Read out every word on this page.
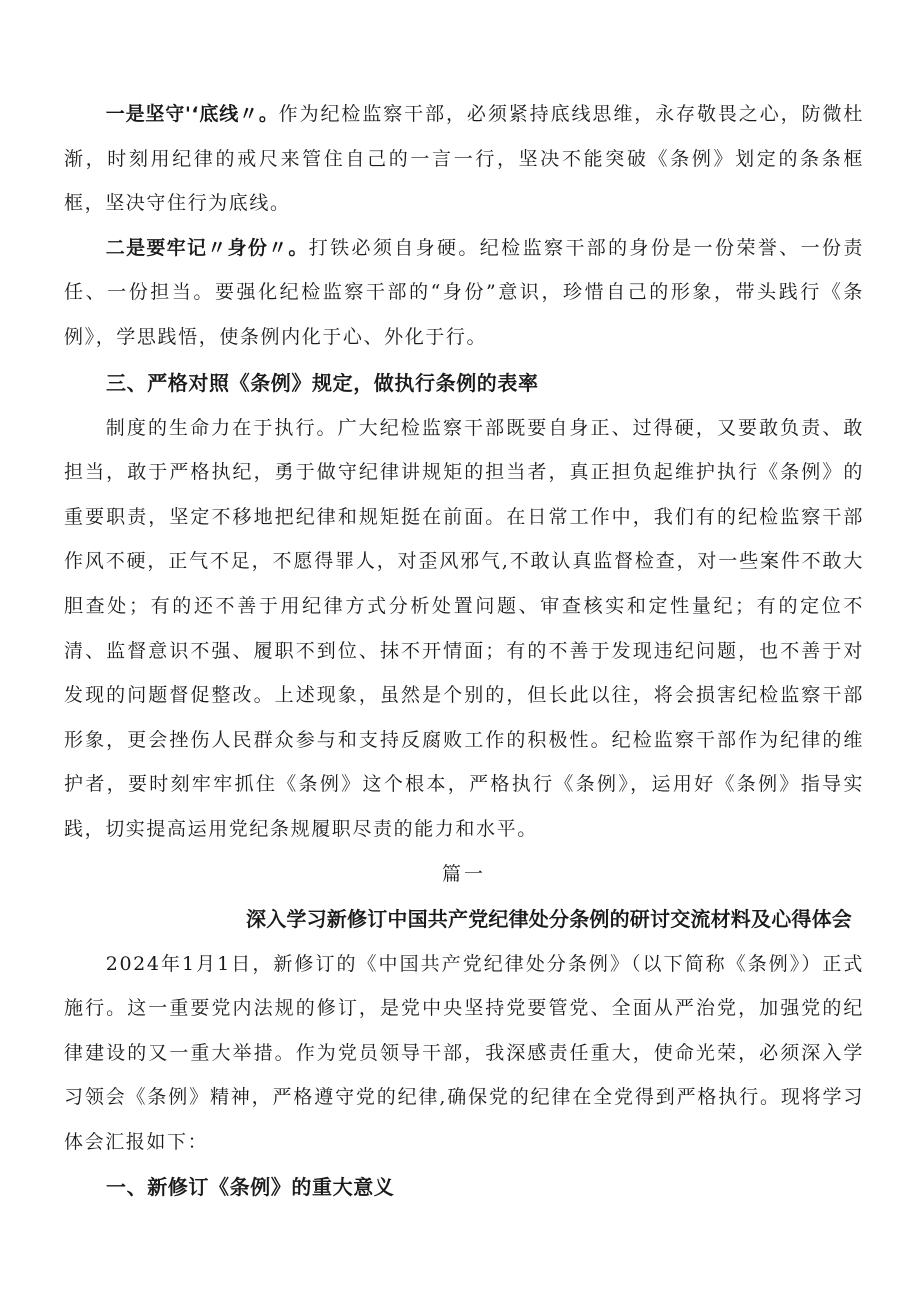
一是坚守'‘底线〃。作为纪检监察干部，必须紧持底线思维，永存敬畏之心，防微杜渐，时刻用纪律的戒尺来管住自己的一言一行，坚决不能突破《条例》划定的条条框框，坚决守住行为底线。

二是要牢记〃身份〃。打铁必须自身硬。纪检监察干部的身份是一份荣誉、一份责任、一份担当。要强化纪检监察干部的“身份”意识，珍惜自己的形象，带头践行《条例》，学思践悟，使条例内化于心、外化于行。

三、严格对照《条例》规定，做执行条例的表率

制度的生命力在于执行。广大纪检监察干部既要自身正、过得硬，又要敢负责、敢担当，敢于严格执纪，勇于做守纪律讲规矩的担当者，真正担负起维护执行《条例》的重要职责，坚定不移地把纪律和规矩挺在前面。在日常工作中，我们有的纪检监察干部作风不硬，正气不足，不愿得罪人，对歪风邪气,不敢认真监督检查，对一些案件不敢大胆查处；有的还不善于用纪律方式分析处置问题、审查核实和定性量纪；有的定位不清、监督意识不强、履职不到位、抹不开情面；有的不善于发现违纪问题，也不善于对发现的问题督促整改。上述现象，虽然是个别的，但长此以往，将会损害纪检监察干部形象，更会挫伤人民群众参与和支持反腐败工作的积极性。纪检监察干部作为纪律的维护者，要时刻牢牢抓住《条例》这个根本，严格执行《条例》，运用好《条例》指导实践，切实提高运用党纪条规履职尽责的能力和水平。

篇一

深入学习新修订中国共产党纪律处分条例的研讨交流材料及心得体会

2024年1月1日，新修订的《中国共产党纪律处分条例》（以下简称《条例》）正式施行。这一重要党内法规的修订，是党中央坚持党要管党、全面从严治党，加强党的纪律建设的又一重大举措。作为党员领导干部，我深感责任重大，使命光荣，必须深入学习领会《条例》精神，严格遵守党的纪律,确保党的纪律在全党得到严格执行。现将学习体会汇报如下：

一、新修订《条例》的重大意义
